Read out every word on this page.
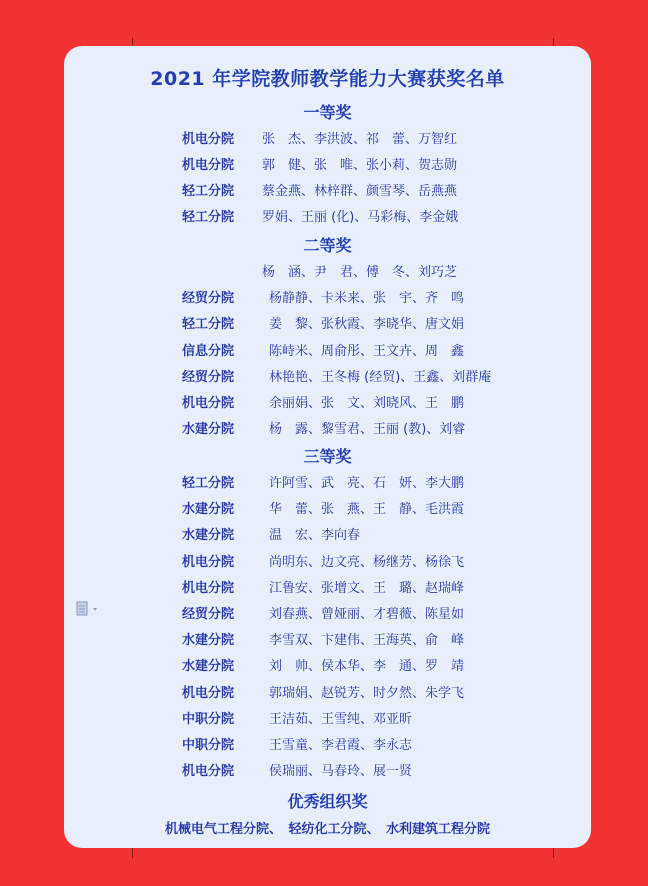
2021 年学院教师教学能力大赛获奖名单
一等奖
机电分院 张　杰、李洪波、祁　蕾、万智红
机电分院 郭　健、张　唯、张小莉、贺志勋
轻工分院 蔡金燕、林梓群、颜雪琴、岳燕燕
轻工分院 罗娟、王丽 (化)、马彩梅、李金娥
二等奖
杨　涵、尹　君、傅　冬、刘巧芝
经贸分院	杨静静、卡米来、张　宇、齐　鸣
轻工分院	姜　黎、张秋霞、李晓华、唐文娟
信息分院	陈峙米、周俞彤、王文卉、周　鑫
经贸分院	林艳艳、王冬梅 (经贸)、王鑫、刘群庵
机电分院	余丽娟、张　文、刘晓风、王　鹏
水建分院	杨　露、黎雪君、王丽 (教)、刘睿
三等奖
轻工分院	许阿雪、武　亮、石　妍、李大鹏
水建分院	华　蕾、张　燕、王　静、毛洪霞
水建分院	温　宏、李向春
机电分院	尚明东、边文亮、杨继芳、杨徐飞
机电分院	江鲁安、张增文、王　璐、赵瑞峰
经贸分院	刘春燕、曾娅丽、才碧薇、陈星如
水建分院	李雪双、卞建伟、王海英、俞　峰
水建分院	刘　帅、侯本华、李　通、罗　靖
机电分院	郭瑞娟、赵锐芳、时夕然、朱学飞
中职分院	王洁茹、王雪纯、邓亚昕
中职分院	王雪童、李君霞、李永志
机电分院	侯瑞丽、马春玲、展一贤
优秀组织奖
机械电气工程分院、　轻纺化工分院、　水利建筑工程分院
